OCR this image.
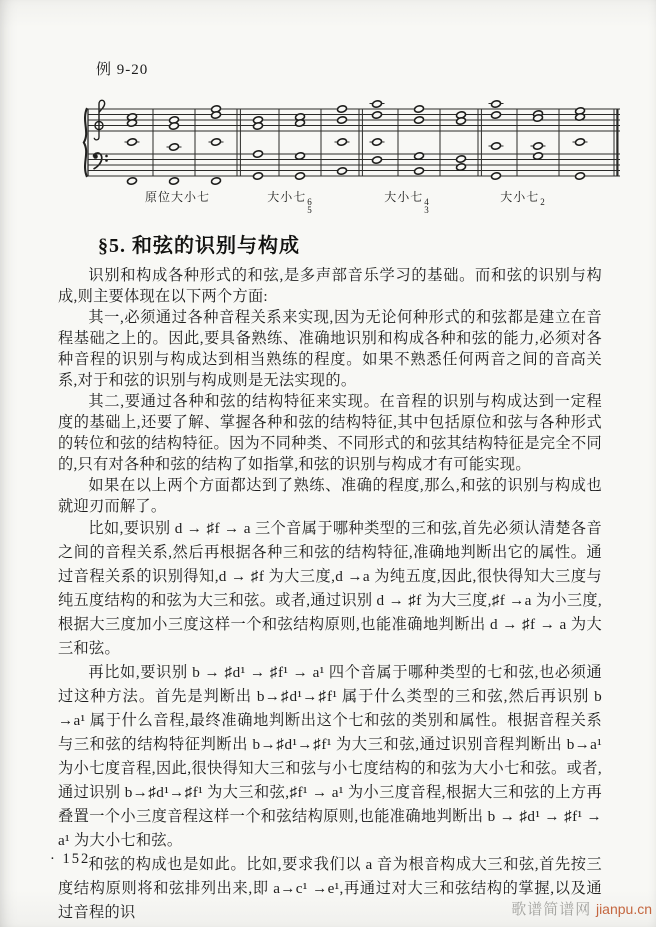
例 9-20
原位大小七	大小七 6
5
大小七 4
3
大小七 2
§5. 和弦的识别与构成

识别和构成各种形式的和弦,是多声部音乐学习的基础。而和弦的识别与构成,则主要体现在以下两个方面:

其一,必须通过各种音程关系来实现,因为无论何种形式的和弦都是建立在音程基础之上的。因此,要具备熟练、准确地识别和构成各种和弦的能力,必须对各种音程的识别与构成达到相当熟练的程度。如果不熟悉任何两音之间的音高关系,对于和弦的识别与构成则是无法实现的。

其二,要通过各种和弦的结构特征来实现。在音程的识别与构成达到一定程度的基础上,还要了解、掌握各种和弦的结构特征,其中包括原位和弦与各种形式的转位和弦的结构特征。因为不同种类、不同形式的和弦其结构特征是完全不同的,只有对各种和弦的结构了如指掌,和弦的识别与构成才有可能实现。

如果在以上两个方面都达到了熟练、准确的程度,那么,和弦的识别与构成也就迎刃而解了。

比如,要识别 d → ♯f → a 三个音属于哪种类型的三和弦,首先必须认清楚各音之间的音程关系,然后再根据各种三和弦的结构特征,准确地判断出它的属性。通过音程关系的识别得知,d → ♯f 为大三度,d →a 为纯五度,因此,很快得知大三度与纯五度结构的和弦为大三和弦。或者,通过识别 d → ♯f 为大三度,♯f →a 为小三度,根据大三度加小三度这样一个和弦结构原则,也能准确地判断出 d → ♯f → a 为大三和弦。

再比如,要识别 b → ♯d¹ → ♯f¹ → a¹ 四个音属于哪种类型的七和弦,也必须通过这种方法。首先是判断出 b→♯d¹→♯f¹ 属于什么类型的三和弦,然后再识别 b →a¹ 属于什么音程,最终准确地判断出这个七和弦的类别和属性。根据音程关系与三和弦的结构特征判断出 b→♯d¹→♯f¹ 为大三和弦,通过识别音程判断出 b→a¹ 为小七度音程,因此,很快得知大三和弦与小七度结构的和弦为大小七和弦。或者,通过识别 b→♯d¹→♯f¹ 为大三和弦,♯f¹ → a¹ 为小三度音程,根据大三和弦的上方再叠置一个小三度音程这样一个和弦结构原则,也能准确地判断出 b → ♯d¹ → ♯f¹ → a¹ 为大小七和弦。

和弦的构成也是如此。比如,要求我们以 a 音为根音构成大三和弦,首先按三度结构原则将和弦排列出来,即 a→c¹ →e¹,再通过对大三和弦结构的掌握,以及通过音程的识

· 152 ·
歌谱简谱网 jianpu.cn
